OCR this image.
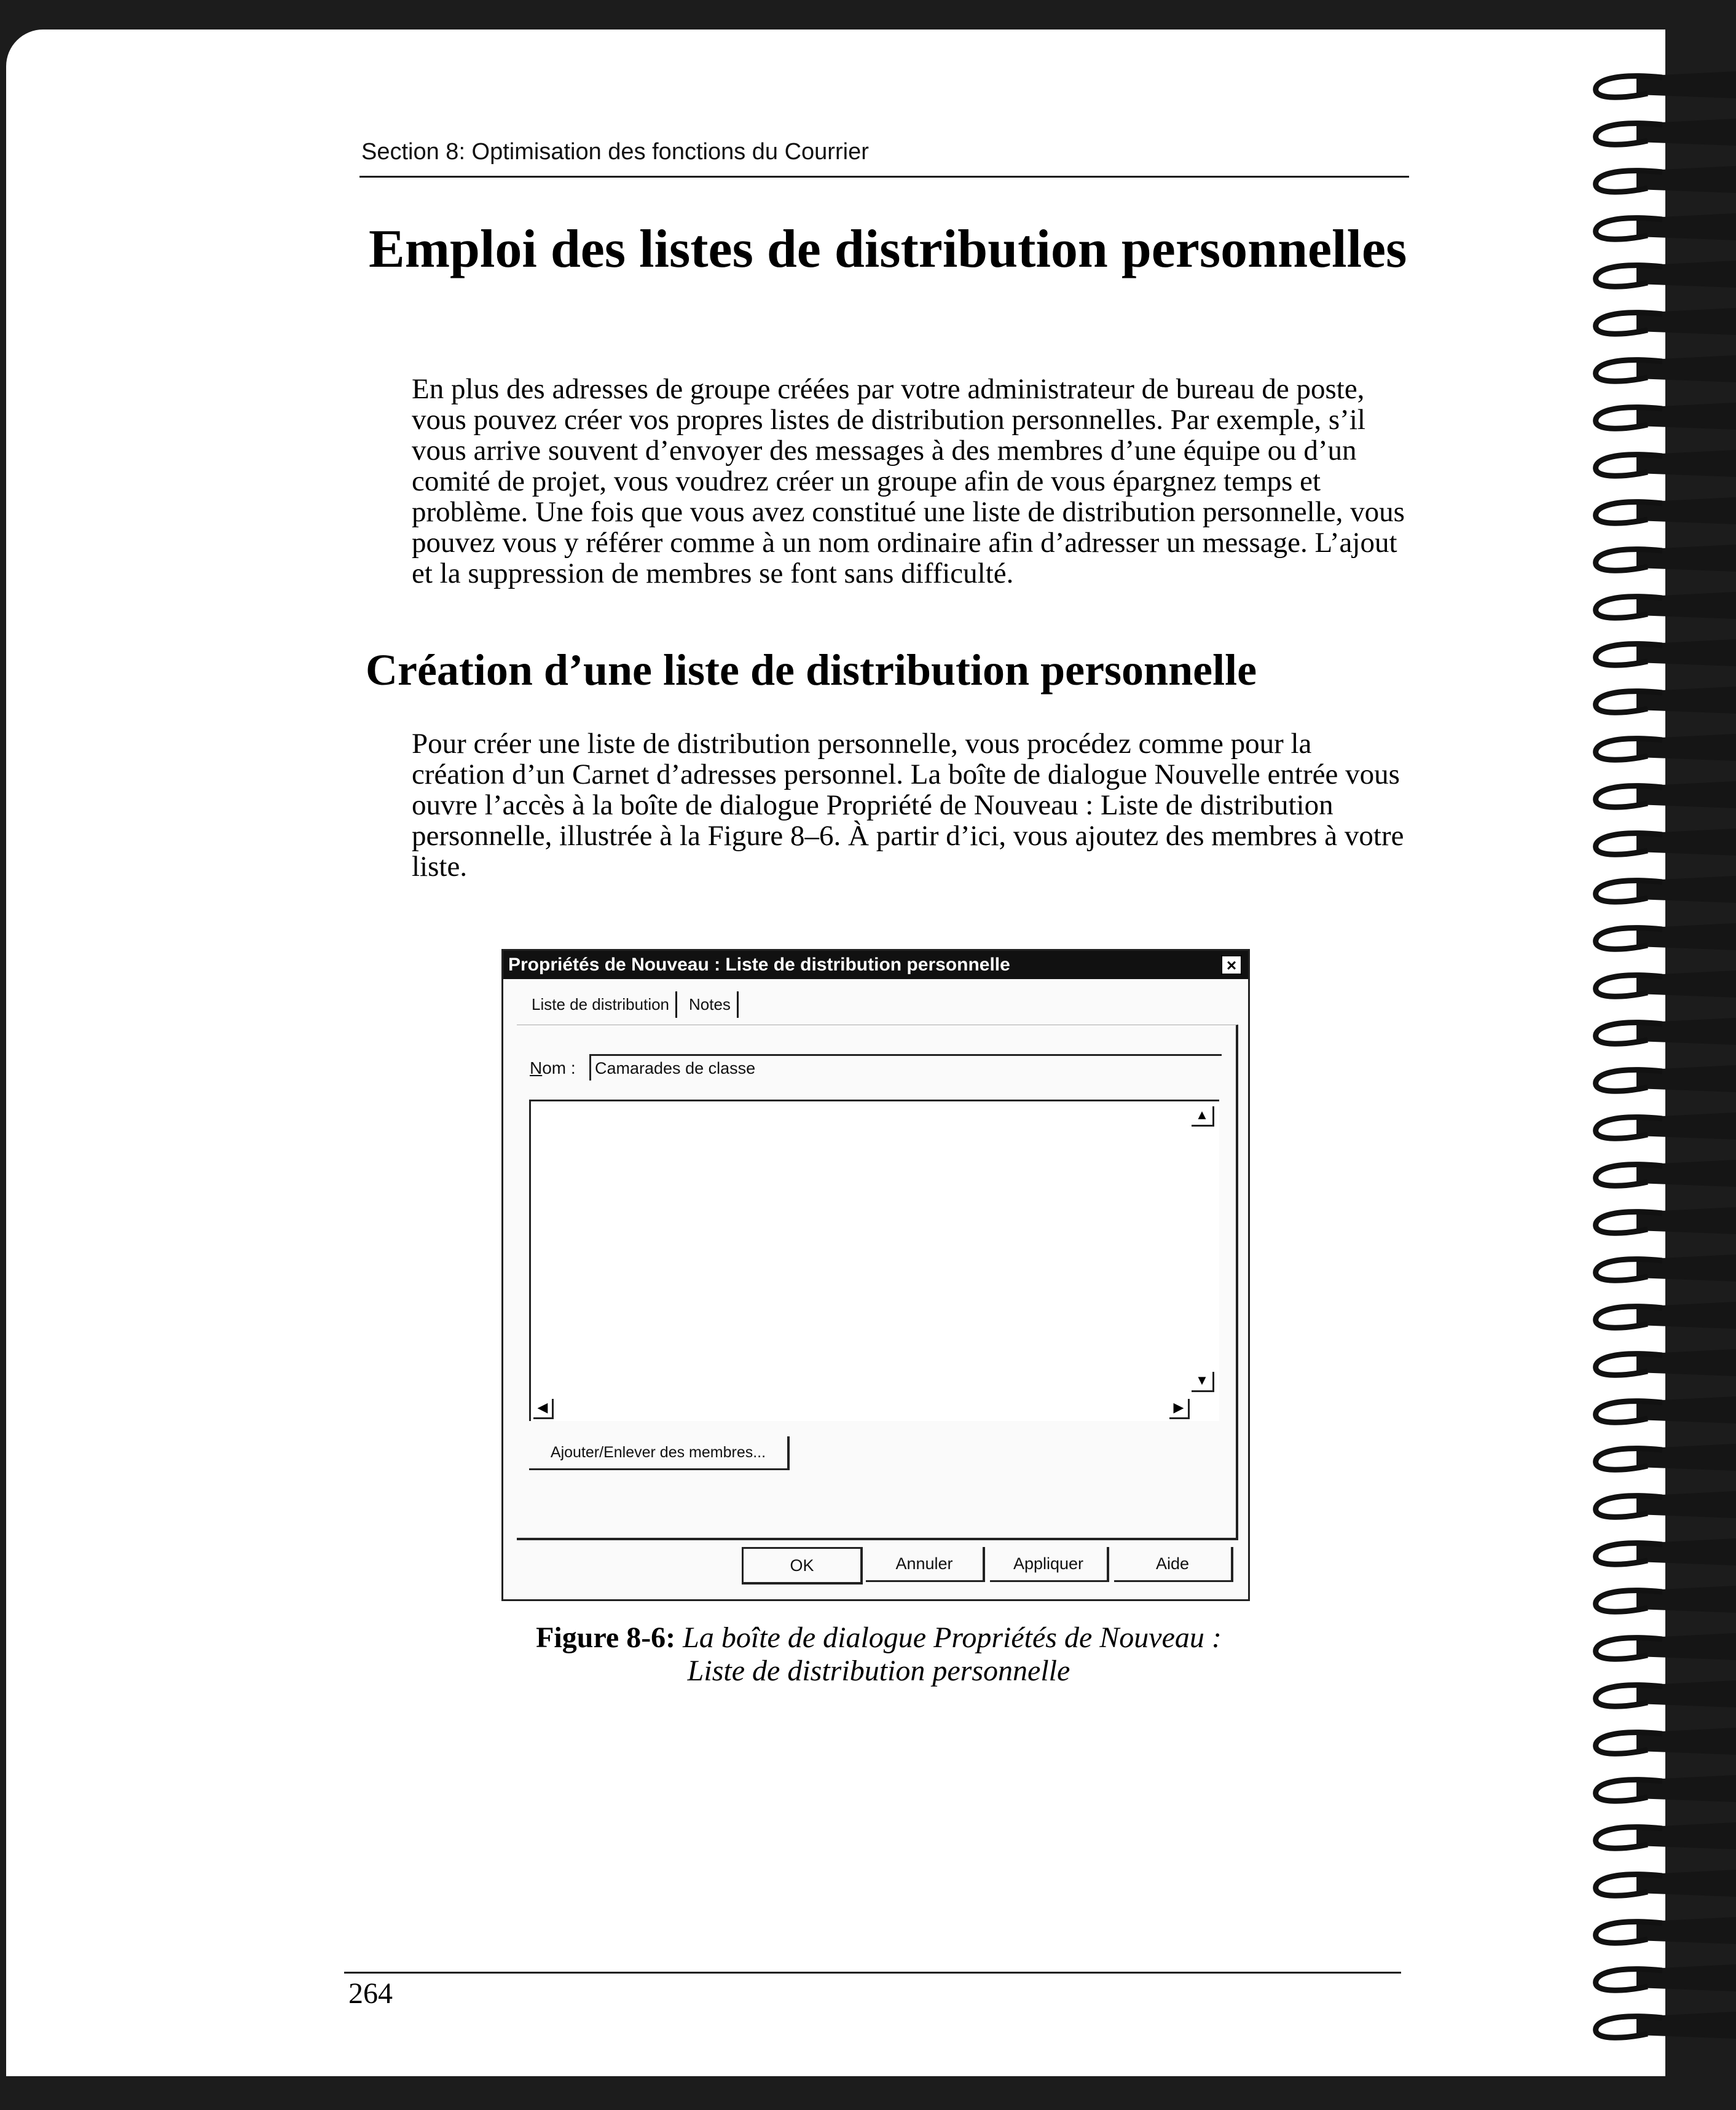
Section 8: Optimisation des fonctions du Courrier
Emploi des listes de distribution personnelles

En plus des adresses de groupe créées par votre administrateur de bureau de poste, vous pouvez créer vos propres listes de distribution personnelles. Par exemple, s’il vous arrive souvent d’envoyer des messages à des membres d’une équipe ou d’un comité de projet, vous voudrez créer un groupe afin de vous épargnez temps et problème. Une fois que vous avez constitué une liste de distribution personnelle, vous pouvez vous y référer comme à un nom ordinaire afin d’adresser un message. L’ajout et la suppression de membres se font sans difficulté.

Création d’une liste de distribution personnelle

Pour créer une liste de distribution personnelle, vous procédez comme pour la création d’un Carnet d’adresses personnel. La boîte de dialogue Nouvelle entrée vous ouvre l’accès à la boîte de dialogue Propriété de Nouveau : Liste de distribution personnelle, illustrée à la Figure 8–6. À partir d’ici, vous ajoutez des membres à votre liste.

Propriétés de Nouveau : Liste de distribution personnelle	×
Liste de distribution	Notes
Nom :	Camarades de classe
▲
▼
◀	▶
Ajouter/Enlever des membres...
OK	Annuler	Appliquer	Aide

Figure 8-6: La boîte de dialogue Propriétés de Nouveau :
Liste de distribution personnelle

264
